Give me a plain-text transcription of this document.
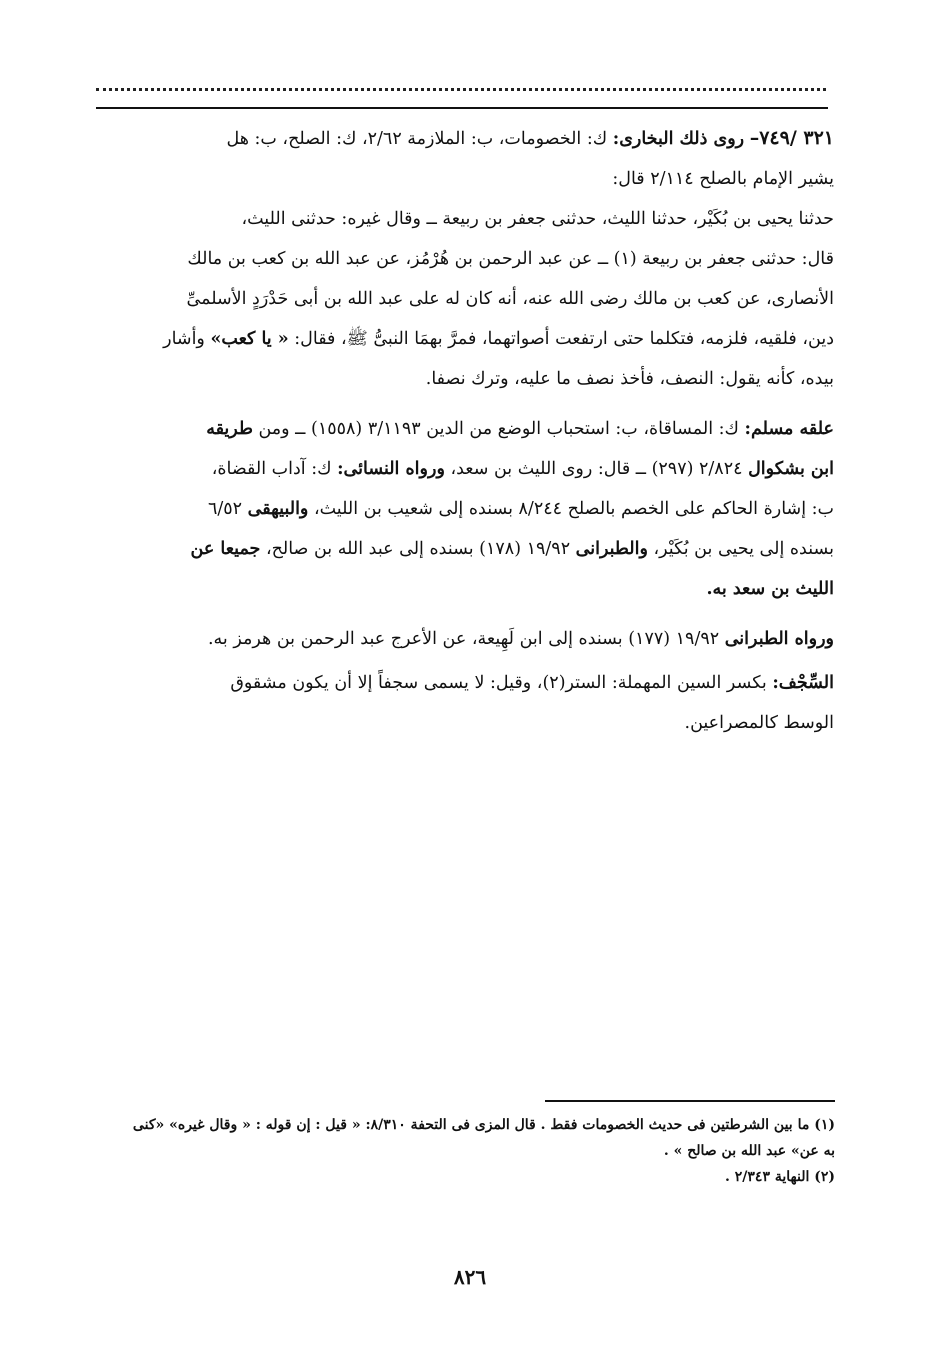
٣٢١ /٧٤٩– روى ذلك البخارى: ك: الخصومات، ب: الملازمة ٢/٦٢، ك: الصلح، ب: هل
يشير الإمام بالصلح ٢/١١٤ قال:

حدثنا يحيى بن بُكَيْر، حدثنا الليث، حدثنى جعفر بن ربيعة ــ وقال غيره: حدثنى الليث،
قال: حدثنى جعفر بن ربيعة (١) ــ عن عبد الرحمن بن هُرْمُز، عن عبد الله بن كعب بن مالك
الأنصارى، عن كعب بن مالك رضى الله عنه، أنه كان له على عبد الله بن أبى حَدْرَدٍ الأسلمىِّ
دين، فلقيه، فلزمه، فتكلما حتى ارتفعت أصواتهما، فمرَّ بهمَا النبىُّ ﷺ، فقال: « يا كعب» وأشار
بيده، كأنه يقول: النصف، فأخذ نصف ما عليه، وترك نصفا.

علقه مسلم: ك: المساقاة، ب: استحباب الوضع من الدين ٣/١١٩٣ (١٥٥٨) ــ ومن طريقه
ابن بشكوال ٢/٨٢٤ (٢٩٧) ــ قال: روى الليث بن سعد، ورواه النسائى: ك: آداب القضاة،
ب: إشارة الحاكم على الخصم بالصلح ٨/٢٤٤ بسنده إلى شعيب بن الليث، والبيهقى ٦/٥٢
بسنده إلى يحيى بن بُكَيْر، والطبرانى ١٩/٩٢ (١٧٨) بسنده إلى عبد الله بن صالح، جميعا عن
الليث بن سعد به.

ورواه الطبرانى ١٩/٩٢ (١٧٧) بسنده إلى ابن لَهِيعة، عن الأعرج عبد الرحمن بن هرمز به.

السِّجْف: بكسر السين المهملة: الستر(٢)، وقيل: لا يسمى سجفاً إلا أن يكون مشقوق
الوسط كالمصراعين.

(١) ما بين الشرطتين فى حديث الخصومات فقط . قال المزى فى التحفة ٨/٣١٠: « قيل : إن قوله : « وقال غيره» «كنى

به عن» عبد الله بن صالح » .

(٢) النهاية ٢/٣٤٣ .

٨٢٦
